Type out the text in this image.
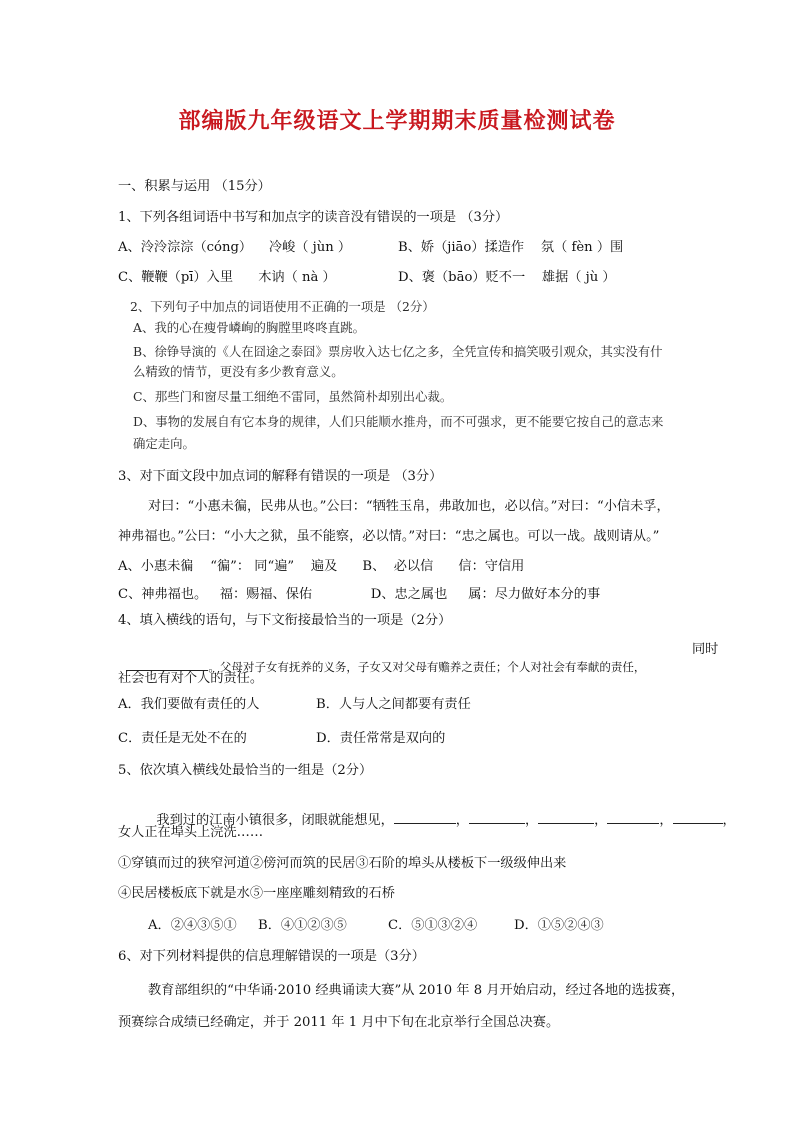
部编版九年级语文上学期期末质量检测试卷
一、积累与运用 （15分）
1、下列各组词语中书写和加点字的读音没有错误的一项是 （3分）
A、泠泠淙淙（cóng）    冷峻（ jùn ）	B、娇（jiāo）揉造作    氛（ fèn ）围
C、鞭鞭（pī）入里      木讷（ nà ）	D、褒（bāo）贬不一    雄据（ jù ）
2、下列句子中加点的词语使用不正确的一项是 （2分）
A、我的心在瘦骨嶙峋的胸膛里咚咚直跳。
B、徐铮导演的《人在囧途之泰囧》票房收入达七亿之多，全凭宣传和搞笑吸引观众，其实没有什
么精致的情节，更没有多少教育意义。
C、那些门和窗尽量工细绝不雷同，虽然简朴却别出心裁。
D、事物的发展自有它本身的规律，人们只能顺水推舟，而不可强求，更不能要它按自己的意志来
确定走向。
3、对下面文段中加点词的解释有错误的一项是 （3分）
对曰：“小惠未徧，民弗从也。”公曰：“牺牲玉帛，弗敢加也，必以信。”对曰：“小信未孚，
神弗福也。”公曰：“小大之狱，虽不能察，必以情。”对曰：“忠之属也。可以一战。战则请从。”
A、小惠未徧    “徧”： 同“遍”    遍及      B、  必以信      信：守信用
C、神弗福也。   福：赐福、保佑              D、忠之属也     属：尽力做好本分的事
4、填入横线的语句，与下文衔接最恰当的一项是（2分）

。父母对子女有抚养的义务，子女又对父母有赡养之责任；个人对社会有奉献的责任，

同时
社会也有对个人的责任。
A．我们要做有责任的人	B．人与人之间都要有责任
C．责任是无处不在的	D．责任常常是双向的
5、依次填入横线处最恰当的一组是（2分）

我到过的江南小镇很多，闭眼就能想见，	，	，	，	，	，

女人正在埠头上浣洗……
①穿镇而过的狭窄河道②傍河而筑的民居③石阶的埠头从楼板下一级级伸出来
④民居楼板底下就是水⑤一座座雕刻精致的石桥
A．②④③⑤① B．④①②③⑤	C．⑤①③②④	D．①⑤②④③
6、对下列材料提供的信息理解错误的一项是（3分）
教育部组织的“中华诵·2010 经典诵读大赛”从 2010 年 8 月开始启动，经过各地的选拔赛，
预赛综合成绩已经确定，并于 2011 年 1 月中下旬在北京举行全国总决赛。
